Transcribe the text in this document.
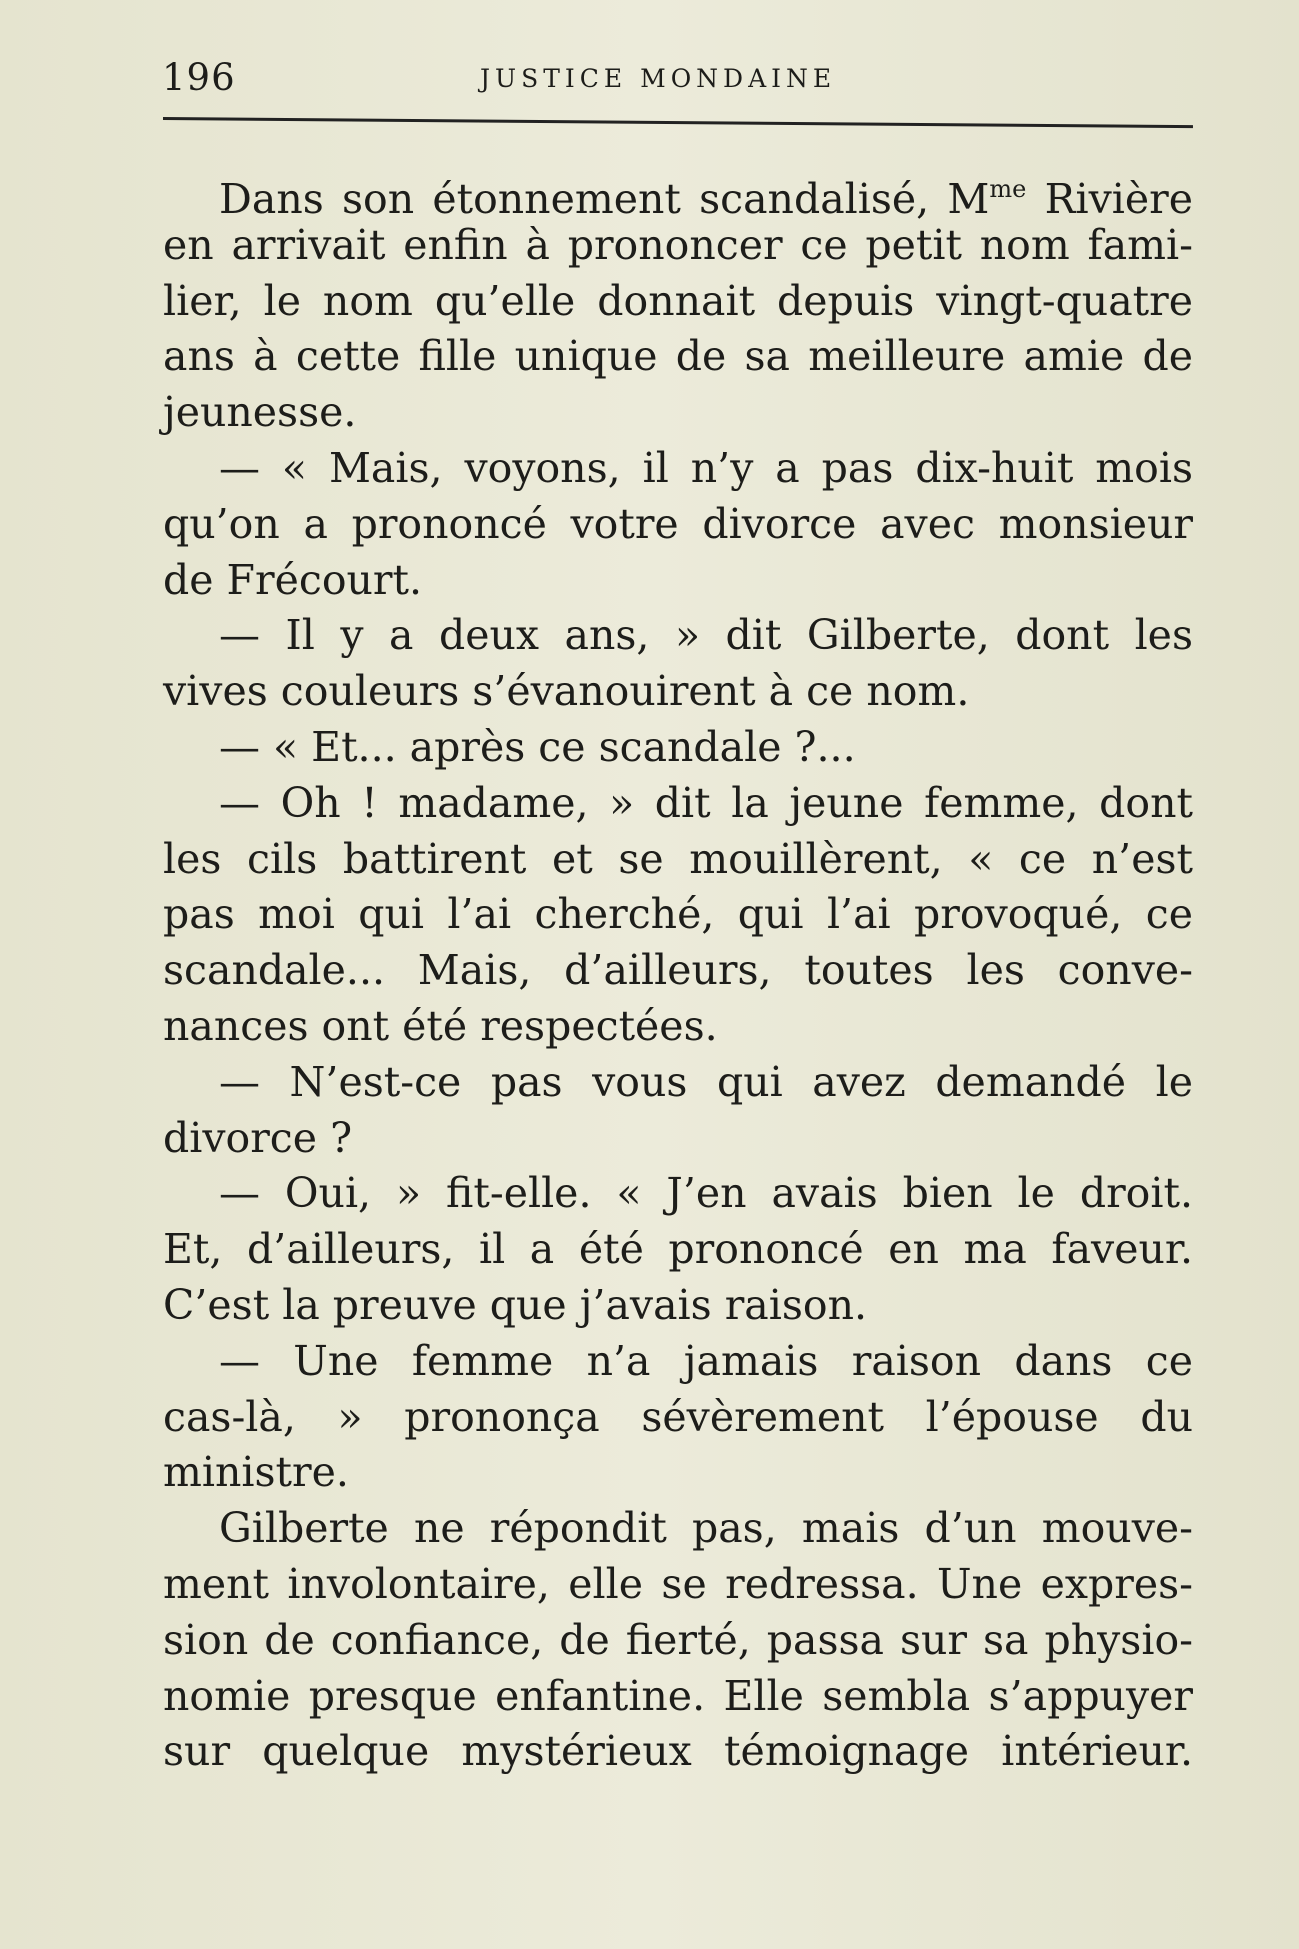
196	JUSTICE MONDAINE
Dans son étonnement scandalisé, $M^{me}$ Rivière
en arrivait enfin à prononcer ce petit nom fami-
lier, le nom qu’elle donnait depuis vingt-quatre
ans à cette fille unique de sa meilleure amie de
jeunesse.
— « Mais, voyons, il n’y a pas dix-huit mois
qu’on a prononcé votre divorce avec monsieur
de Frécourt.
— Il y a deux ans, » dit Gilberte, dont les
vives couleurs s’évanouirent à ce nom.
— « Et... après ce scandale ?...
— Oh ! madame, » dit la jeune femme, dont
les cils battirent et se mouillèrent, « ce n’est
pas moi qui l’ai cherché, qui l’ai provoqué, ce
scandale... Mais, d’ailleurs, toutes les conve-
nances ont été respectées.
— N’est-ce pas vous qui avez demandé le
divorce ?
— Oui, » fit-elle. « J’en avais bien le droit.
Et, d’ailleurs, il a été prononcé en ma faveur.
C’est la preuve que j’avais raison.
— Une femme n’a jamais raison dans ce
cas-là, » prononça sévèrement l’épouse du
ministre.
Gilberte ne répondit pas, mais d’un mouve-
ment involontaire, elle se redressa. Une expres-
sion de confiance, de fierté, passa sur sa physio-
nomie presque enfantine. Elle sembla s’appuyer
sur quelque mystérieux témoignage intérieur.
